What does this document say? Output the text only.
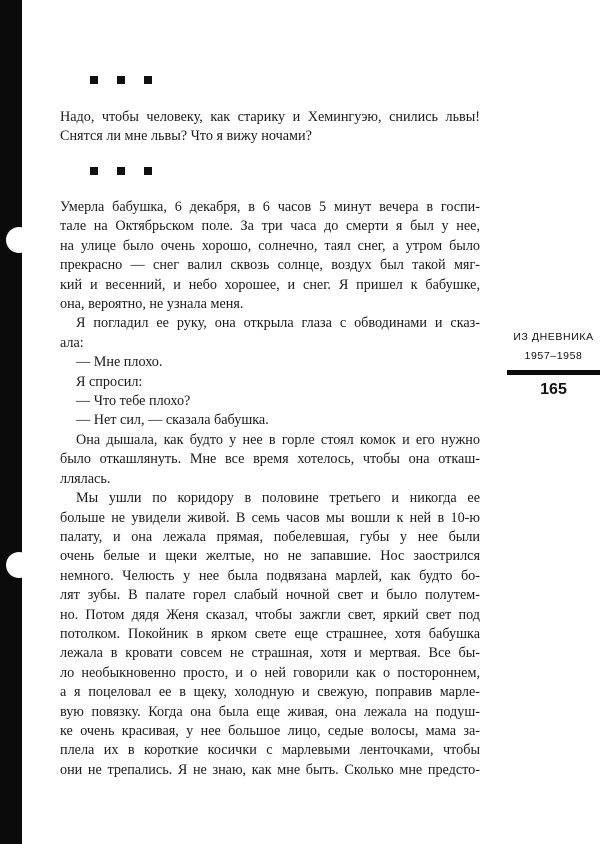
Надо, чтобы человеку, как старику и Хемингуэю, снились львы!

Снятся ли мне львы? Что я вижу ночами?

Умерла бабушка, 6 декабря, в 6 часов 5 минут вечера в госпи-

тале на Октябрьском поле. За три часа до смерти я был у нее,

на улице было очень хорошо, солнечно, таял снег, а утром было

прекрасно — снег валил сквозь солнце, воздух был такой мяг-

кий и весенний, и небо хорошее, и снег. Я пришел к бабушке,

она, вероятно, не узнала меня.

Я погладил ее руку, она открыла глаза с обводинами и сказ-

ала:

— Мне плохо.

Я спросил:

— Что тебе плохо?

— Нет сил, — сказала бабушка.

Она дышала, как будто у нее в горле стоял комок и его нужно

было откашлянуть. Мне все время хотелось, чтобы она откаш-

ллялась.

Мы ушли по коридору в половине третьего и никогда ее

больше не увидели живой. В семь часов мы вошли к ней в 10-ю

палату, и она лежала прямая, побелевшая, губы у нее были

очень белые и щеки желтые, но не запавшие. Нос заострился

немного. Челюсть у нее была подвязана марлей, как будто бо-

лят зубы. В палате горел слабый ночной свет и было полутем-

но. Потом дядя Женя сказал, чтобы зажгли свет, яркий свет под

потолком. Покойник в ярком свете еще страшнее, хотя бабушка

лежала в кровати совсем не страшная, хотя и мертвая. Все бы-

ло необыкновенно просто, и о ней говорили как о постороннем,

а я поцеловал ее в щеку, холодную и свежую, поправив марле-

вую повязку. Когда она была еще живая, она лежала на подуш-

ке очень красивая, у нее большое лицо, седые волосы, мама за-

плела их в короткие косички с марлевыми ленточками, чтобы

они не трепались. Я не знаю, как мне быть. Сколько мне предсто-

ИЗ ДНЕВНИКА
1957–1958
165
